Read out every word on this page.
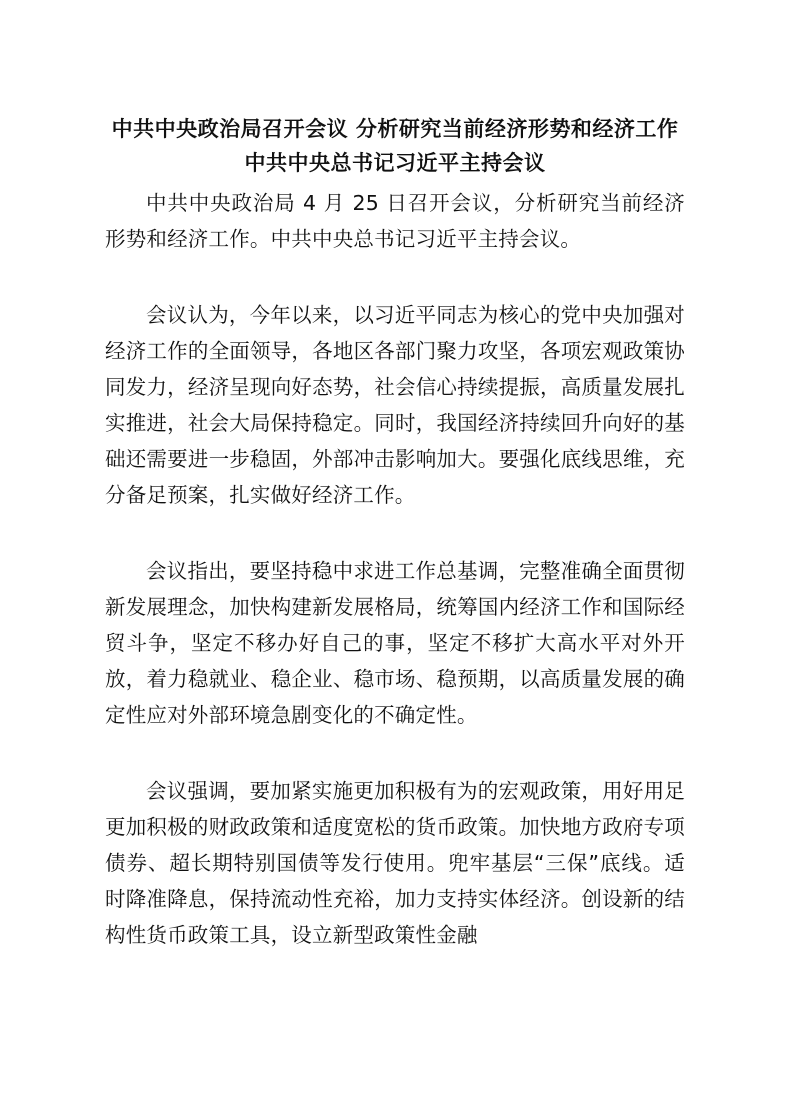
中共中央政治局召开会议 分析研究当前经济形势和经济工作 中共中央总书记习近平主持会议

中共中央政治局 4 月 25 日召开会议，分析研究当前经济形势和经济工作。中共中央总书记习近平主持会议。

会议认为，今年以来，以习近平同志为核心的党中央加强对经济工作的全面领导，各地区各部门聚力攻坚，各项宏观政策协同发力，经济呈现向好态势，社会信心持续提振，高质量发展扎实推进，社会大局保持稳定。同时，我国经济持续回升向好的基础还需要进一步稳固，外部冲击影响加大。要强化底线思维，充分备足预案，扎实做好经济工作。

会议指出，要坚持稳中求进工作总基调，完整准确全面贯彻新发展理念，加快构建新发展格局，统筹国内经济工作和国际经贸斗争，坚定不移办好自己的事，坚定不移扩大高水平对外开放，着力稳就业、稳企业、稳市场、稳预期，以高质量发展的确定性应对外部环境急剧变化的不确定性。

会议强调，要加紧实施更加积极有为的宏观政策，用好用足更加积极的财政政策和适度宽松的货币政策。加快地方政府专项债券、超长期特别国债等发行使用。兜牢基层“三保”底线。适时降准降息，保持流动性充裕，加力支持实体经济。创设新的结构性货币政策工具，设立新型政策性金融
